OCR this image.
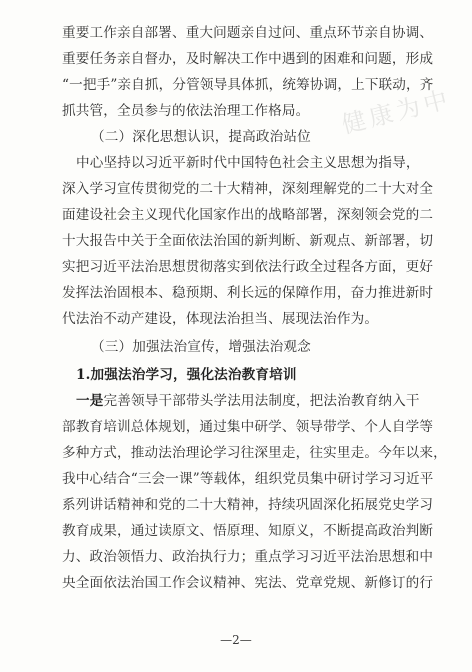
健康为中
重要工作亲自部署、重大问题亲自过问、重点环节亲自协调、
重要任务亲自督办，及时解决工作中遇到的困难和问题，形成
“一把手”亲自抓，分管领导具体抓，统筹协调，上下联动，齐
抓共管，全员参与的依法治理工作格局。
（二）深化思想认识，提高政治站位
中心坚持以习近平新时代中国特色社会主义思想为指导，
深入学习宣传贯彻党的二十大精神，深刻理解党的二十大对全
面建设社会主义现代化国家作出的战略部署，深刻领会党的二
十大报告中关于全面依法治国的新判断、新观点、新部署，切
实把习近平法治思想贯彻落实到依法行政全过程各方面，更好
发挥法治固根本、稳预期、利长远的保障作用，奋力推进新时
代法治不动产建设，体现法治担当、展现法治作为。
（三）加强法治宣传，增强法治观念
1.加强法治学习，强化法治教育培训
一是完善领导干部带头学法用法制度，把法治教育纳入干
部教育培训总体规划，通过集中研学、领导带学、个人自学等
多种方式，推动法治理论学习往深里走，往实里走。今年以来，
我中心结合“三会一课”等载体，组织党员集中研讨学习习近平
系列讲话精神和党的二十大精神，持续巩固深化拓展党史学习
教育成果，通过读原文、悟原理、知原义，不断提高政治判断
力、政治领悟力、政治执行力；重点学习习近平法治思想和中
央全面依法治国工作会议精神、宪法、党章党规、新修订的行
—2—
